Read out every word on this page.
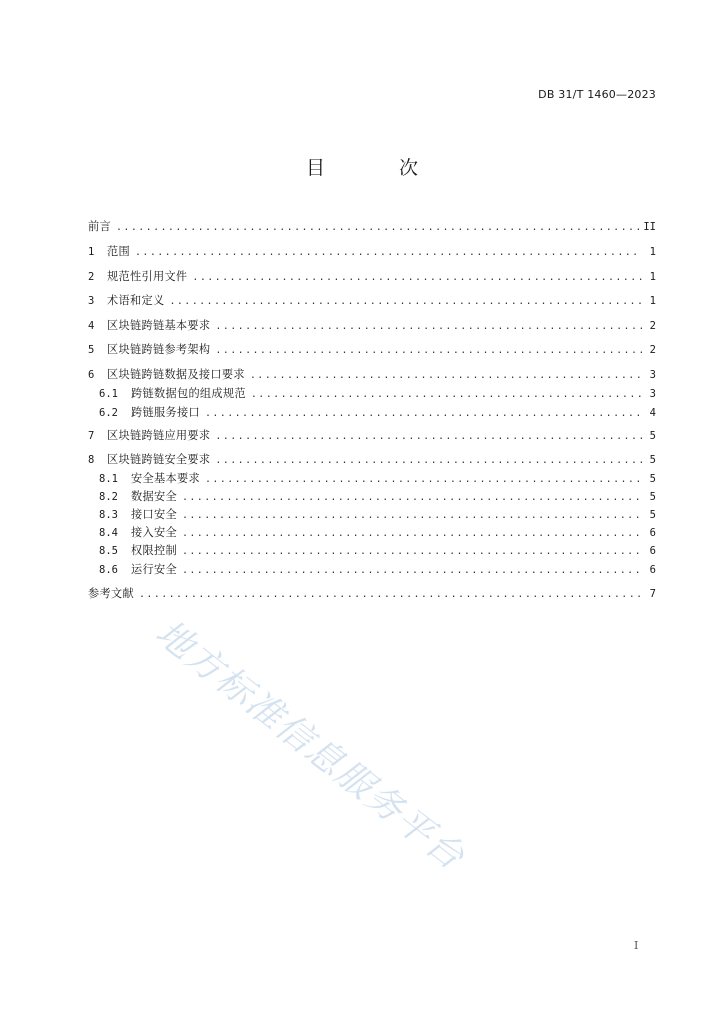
DB 31/T 1460—2023
目 次
前言 .....	II
1	范围 .....	1
2	规范性引用文件 .....	1
3	术语和定义 .....	1
4	区块链跨链基本要求 .....	2
5	区块链跨链参考架构 .....	2
6	区块链跨链数据及接口要求 .....	3
6.1	跨链数据包的组成规范 .....	3
6.2	跨链服务接口 .....	4
7	区块链跨链应用要求 .....	5
8	区块链跨链安全要求 .....	5
8.1	安全基本要求 .....	5
8.2	数据安全 .....	5
8.3	接口安全 .....	5
8.4	接入安全 .....	6
8.5	权限控制 .....	6
8.6	运行安全 .....	6
参考文献 .....	7
地方标准信息服务平台
I
